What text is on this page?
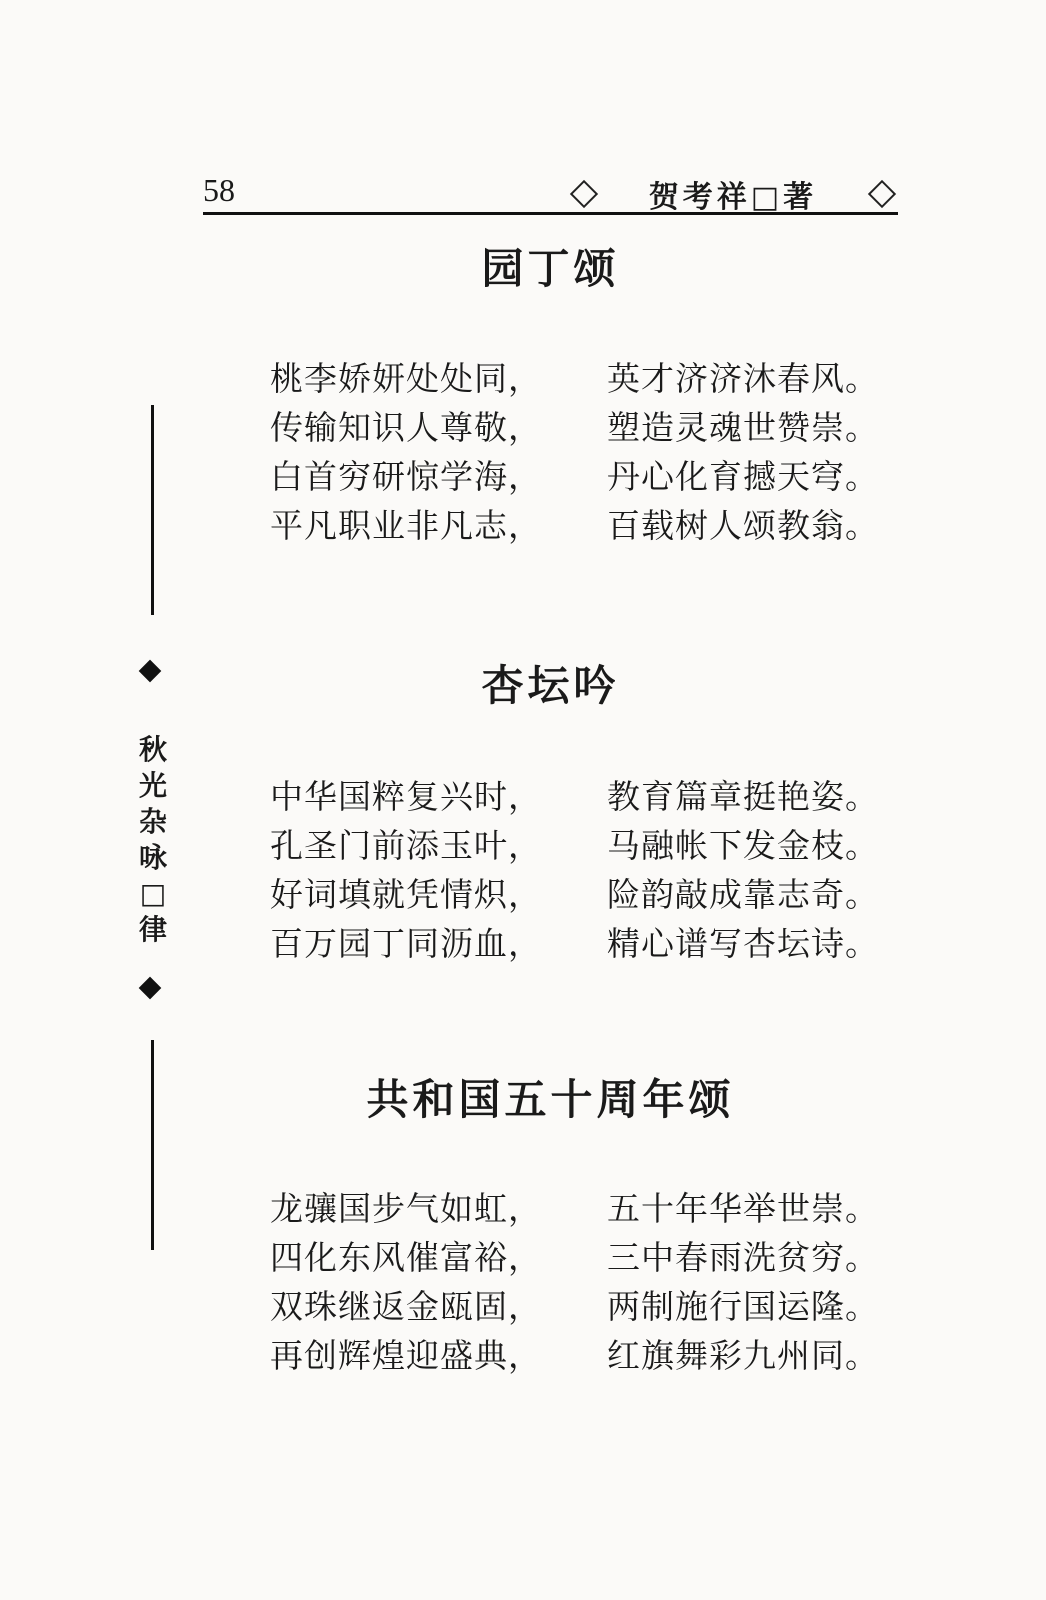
58	贺考祥□著
秋
光
杂
咏
□
律
园丁颂
桃李娇妍处处同，	英才济济沐春风。
传输知识人尊敬，	塑造灵魂世赞崇。
白首穷研惊学海，	丹心化育撼天穹。
平凡职业非凡志，	百载树人颂教翁。
杏坛吟
中华国粹复兴时，	教育篇章挺艳姿。
孔圣门前添玉叶，	马融帐下发金枝。
好词填就凭情炽，	险韵敲成靠志奇。
百万园丁同沥血，	精心谱写杏坛诗。
共和国五十周年颂
龙骧国步气如虹，	五十年华举世崇。
四化东风催富裕，	三中春雨洗贫穷。
双珠继返金瓯固，	两制施行国运隆。
再创辉煌迎盛典，	红旗舞彩九州同。
